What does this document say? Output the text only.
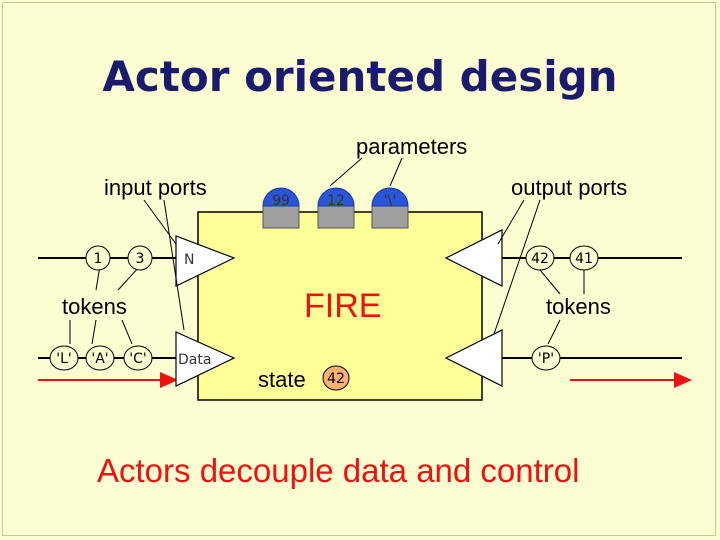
Actor oriented design
N
Data
99	12	'\'
1 3
'L' 'A' 'C'
42 41
'P'
42
parameters
input ports	output ports
tokens	tokens
FIRE
state
Actors decouple data and control
